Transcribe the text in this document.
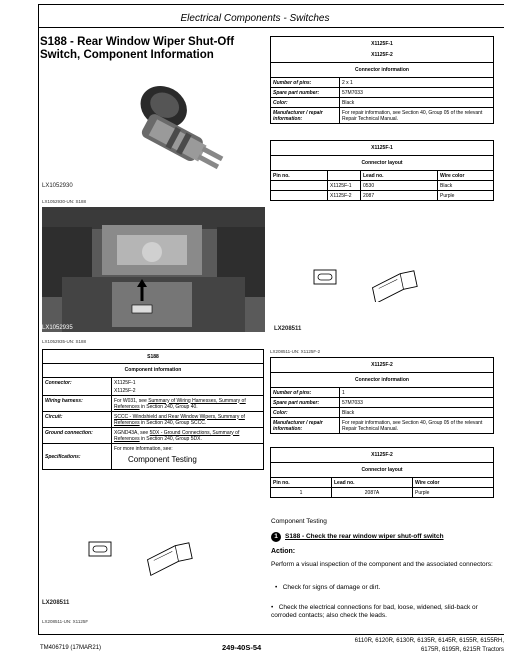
Electrical Components - Switches
S188 - Rear Window Wiper Shut-Off Switch, Component Information
LX1052930
LX1052930-UN: S188
LX1052935
LX1052935-UN: S188
S188	
Component information	
Connector:	X1125F-1
X1125F-2

Wiring harness:	For W031, see Summary of Wiring Harnesses, Summary of References in Section 240, Group 40.
Circuit:	SCCC - Windshield and Rear Window Wipers, Summary of References in Section 240, Group SCCC.
Ground connection:	XGND43A, see 5DX - Ground Connections, Summary of References in Section 240, Group 5DX.
Specifications:	For more information, see:
Component Testing
LX208511
LX208511-UN: X1125F
X1125F-1
X1125F-2	

Connector information	
Number of pins:	2 x 1
Spare part number:	57M7033
Color:	Black
Manufacturer / repair information:	For repair information, see Section 40, Group 05 of the relevant Repair Technical Manual.
X1125F-1			
Connector layout			
Pin no.		Lead no.	Wire color
	X1125F-1	0530	Black
	X1125F-2	2087	Purple
LX208511
LX208511-UN: X1125F-2
X1125F-2	
Connector information	
Number of pins:	1
Spare part number:	57M7033
Color:	Black
Manufacturer / repair information:	For repair information, see Section 40, Group 05 of the relevant Repair Technical Manual.
X1125F-2		
Connector layout		
Pin no.	Lead no.	Wire color
1	2087A	Purple
Component Testing
1	S188 - Check the rear window wiper shut-off switch
Action:
Perform a visual inspection of the component and the associated connectors:
•   Check for signs of damage or dirt.
•   Check the electrical connections for bad, loose, widened, slid-back or corroded contacts; also check the leads.
TM406719 (17MAR21)	249-40S-54
6110R, 6120R, 6130R, 6135R, 6145R, 6155R, 6155RH,
6175R, 6195R, 6215R Tractors
